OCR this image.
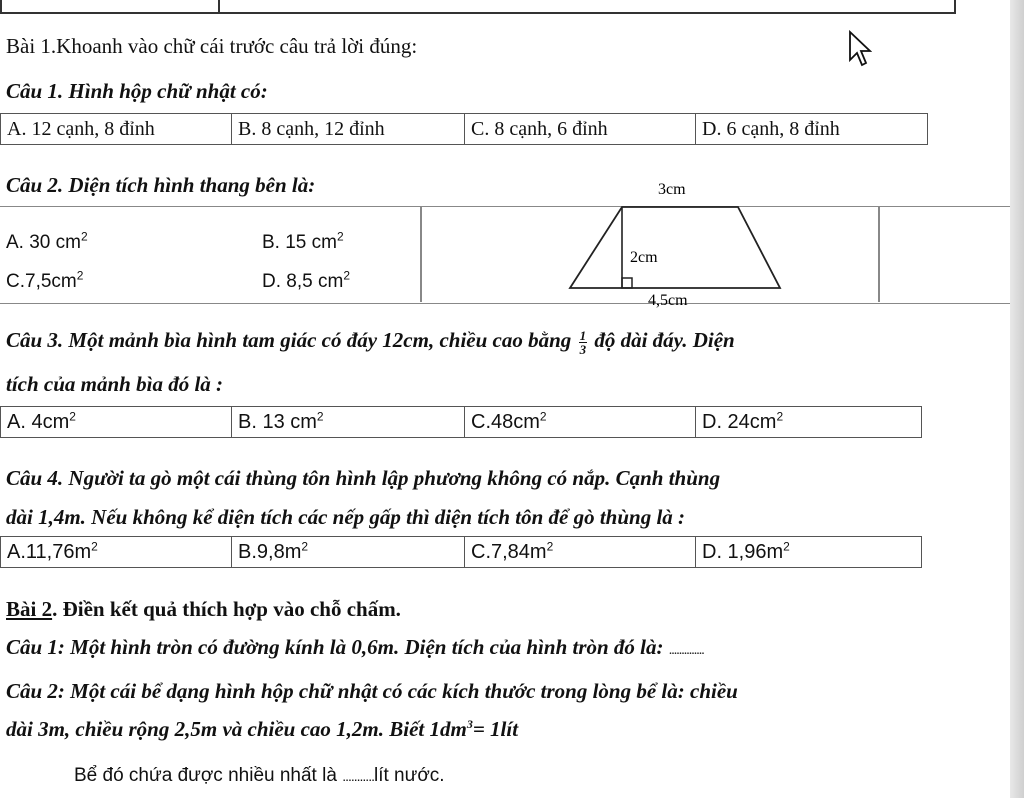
Bài 1.Khoanh vào chữ cái trước câu trả lời đúng:
Câu 1. Hình hộp chữ nhật có:
A. 12 cạnh, 8 đỉnh	B. 8 cạnh, 12 đỉnh	C. 8 cạnh, 6 đỉnh	D. 6 cạnh, 8 đỉnh
Câu 2. Diện tích hình thang bên là:
A. 30 $cm^2$	B. 15 $cm^2$
$C.7,5cm^2$	D. 8,5 $cm^2$
3cm
2cm
4,5cm
Câu 3. Một mảnh bìa hình tam giác có đáy 12cm, chiều cao bằng $\frac{1}{3}$ độ dài đáy. Diện
tích của mảnh bìa đó là :
A. $4cm^2$	B. 13 $cm^2$	$C.48cm^2$	D. $24cm^2$
Câu 4. Người ta gò một cái thùng tôn hình lập phương không có nắp. Cạnh thùng
dài 1,4m. Nếu không kể diện tích các nếp gấp thì diện tích tôn để gò thùng là :
$A.11,76m^2$	$B.9,8m^2$	$C.7,84m^2$	D. $1,96m^2$
Bài 2. Điền kết quả thích hợp vào chỗ chấm.
Câu 1: Một hình tròn có đường kính là 0,6m. Diện tích của hình tròn đó là: ..............
Câu 2: Một cái bể dạng hình hộp chữ nhật có các kích thước trong lòng bể là: chiều
dài 3m, chiều rộng 2,5m và chiều cao 1,2m. Biết $1dm^3=$ 1lít
Bể đó chứa được nhiều nhất là ...........lít nước.
